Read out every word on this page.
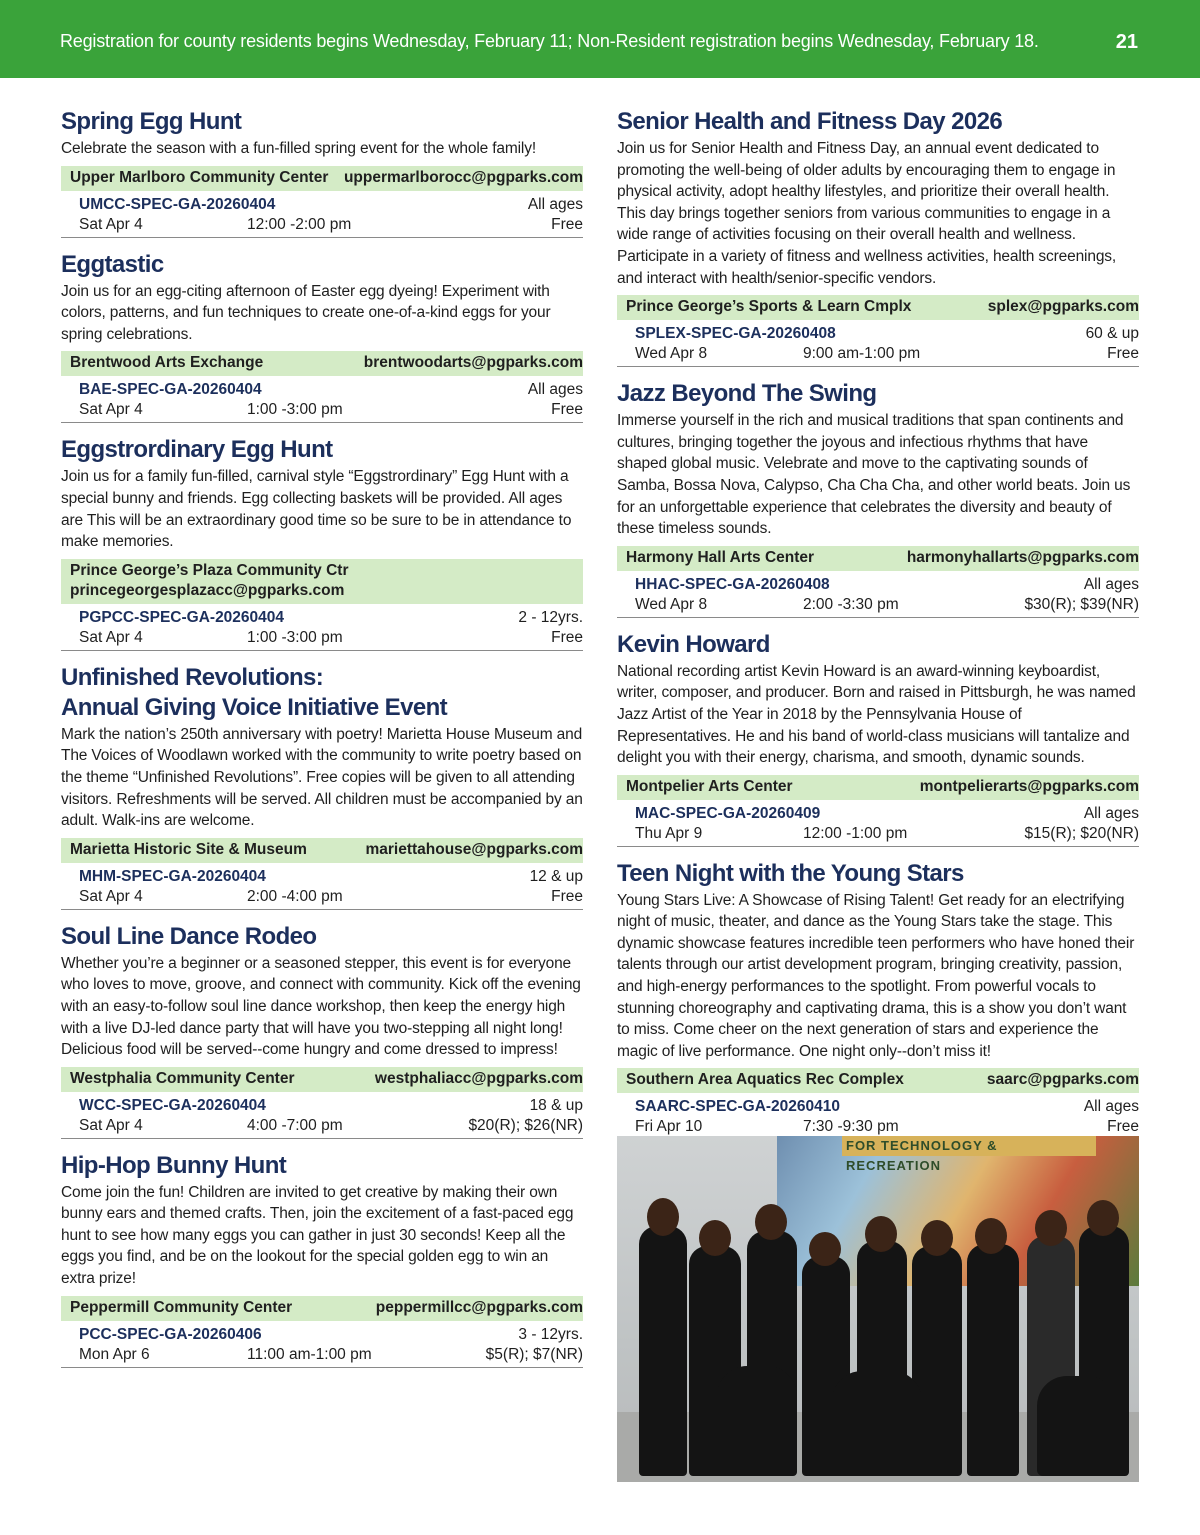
Registration for county residents begins Wednesday, February 11; Non-Resident registration begins Wednesday, February 18.	21
Spring Egg Hunt

Celebrate the season with a fun-filled spring event for the whole family!

Upper Marlboro Community Center uppermarlborocc@pgparks.com
UMCC-SPEC-GA-20260404	All ages
Sat Apr 4	12:00 -2:00 pm	Free
Eggtastic

Join us for an egg-citing afternoon of Easter egg dyeing! Experiment with colors, patterns, and fun techniques to create one-of-a-kind eggs for your spring celebrations.

Brentwood Arts Exchange	brentwoodarts@pgparks.com
BAE-SPEC-GA-20260404	All ages
Sat Apr 4	1:00 -3:00 pm	Free
Eggstrordinary Egg Hunt

Join us for a family fun-filled, carnival style “Eggstrordinary” Egg Hunt with a special bunny and friends. Egg collecting baskets will be provided. All ages are This will be an extraordinary good time so be sure to be in attendance to make memories.

Prince George’s Plaza Community Ctr
princegeorgesplazacc@pgparks.com
PGPCC-SPEC-GA-20260404	2 - 12yrs.
Sat Apr 4	1:00 -3:00 pm	Free
Unfinished Revolutions:
Annual Giving Voice Initiative Event

Mark the nation’s 250th anniversary with poetry! Marietta House Museum and The Voices of Woodlawn worked with the community to write poetry based on the theme “Unfinished Revolutions”. Free copies will be given to all attending visitors. Refreshments will be served. All children must be accompanied by an adult. Walk-ins are welcome.

Marietta Historic Site & Museum	mariettahouse@pgparks.com
MHM-SPEC-GA-20260404	12 & up
Sat Apr 4	2:00 -4:00 pm	Free
Soul Line Dance Rodeo

Whether you’re a beginner or a seasoned stepper, this event is for everyone who loves to move, groove, and connect with community. Kick off the evening with an easy-to-follow soul line dance workshop, then keep the energy high with a live DJ-led dance party that will have you two-stepping all night long! Delicious food will be served--come hungry and come dressed to impress!

Westphalia Community Center	westphaliacc@pgparks.com
WCC-SPEC-GA-20260404	18 & up
Sat Apr 4	4:00 -7:00 pm	$20(R); $26(NR)
Hip-Hop Bunny Hunt

Come join the fun! Children are invited to get creative by making their own bunny ears and themed crafts. Then, join the excitement of a fast-paced egg hunt to see how many eggs you can gather in just 30 seconds! Keep all the eggs you find, and be on the lookout for the special golden egg to win an extra prize!

Peppermill Community Center	peppermillcc@pgparks.com
PCC-SPEC-GA-20260406	3 - 12yrs.
Mon Apr 6	11:00 am-1:00 pm	$5(R); $7(NR)
Senior Health and Fitness Day 2026

Join us for Senior Health and Fitness Day, an annual event dedicated to promoting the well-being of older adults by encouraging them to engage in physical activity, adopt healthy lifestyles, and prioritize their overall health. This day brings together seniors from various communities to engage in a wide range of activities focusing on their overall health and wellness. Participate in a variety of fitness and wellness activities, health screenings, and interact with health/senior-specific vendors.

Prince George’s Sports & Learn Cmplx	splex@pgparks.com
SPLEX-SPEC-GA-20260408	60 & up
Wed Apr 8	9:00 am-1:00 pm	Free
Jazz Beyond The Swing

Immerse yourself in the rich and musical traditions that span continents and cultures, bringing together the joyous and infectious rhythms that have shaped global music. Velebrate and move to the captivating sounds of Samba, Bossa Nova, Calypso, Cha Cha Cha, and other world beats. Join us for an unforgettable experience that celebrates the diversity and beauty of these timeless sounds.

Harmony Hall Arts Center	harmonyhallarts@pgparks.com
HHAC-SPEC-GA-20260408	All ages
Wed Apr 8	2:00 -3:30 pm	$30(R); $39(NR)
Kevin Howard

National recording artist Kevin Howard is an award-winning keyboardist, writer, composer, and producer. Born and raised in Pittsburgh, he was named Jazz Artist of the Year in 2018 by the Pennsylvania House of Representatives. He and his band of world-class musicians will tantalize and delight you with their energy, charisma, and smooth, dynamic sounds.

Montpelier Arts Center	montpelierarts@pgparks.com
MAC-SPEC-GA-20260409	All ages
Thu Apr 9	12:00 -1:00 pm	$15(R); $20(NR)
Teen Night with the Young Stars

Young Stars Live: A Showcase of Rising Talent! Get ready for an electrifying night of music, theater, and dance as the Young Stars take the stage. This dynamic showcase features incredible teen performers who have honed their talents through our artist development program, bringing creativity, passion, and high-energy performances to the spotlight. From powerful vocals to stunning choreography and captivating drama, this is a show you don’t want to miss. Come cheer on the next generation of stars and experience the magic of live performance. One night only--don’t miss it!

Southern Area Aquatics Rec Complex	saarc@pgparks.com
SAARC-SPEC-GA-20260410	All ages
Fri Apr 10	7:30 -9:30 pm	Free
FOR TECHNOLOGY & RECREATION
